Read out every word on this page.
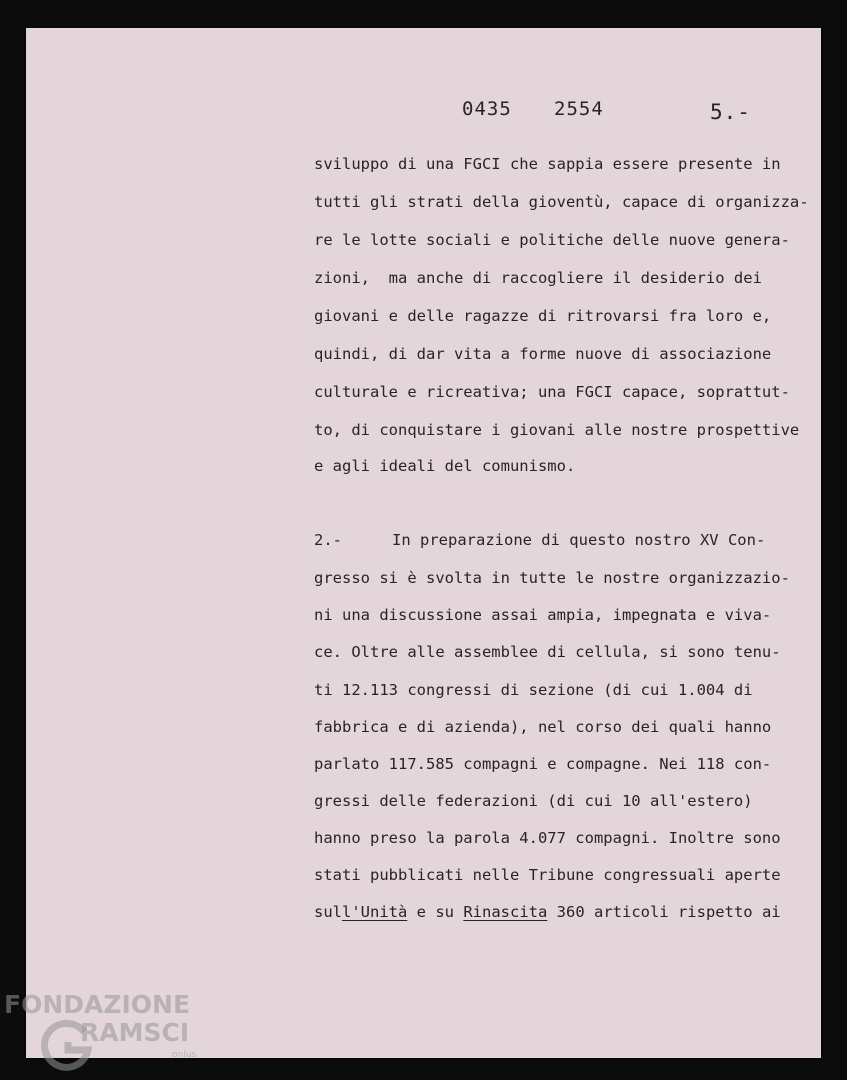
0435 2554	5.-
sviluppo di una FGCI che sappia essere presente in
tutti gli strati della gioventù, capace di organizza-
re le lotte sociali e politiche delle nuove genera-
zioni,  ma anche di raccogliere il desiderio dei
giovani e delle ragazze di ritrovarsi fra loro e,
quindi, di dar vita a forme nuove di associazione
culturale e ricreativa; una FGCI capace, soprattut-
to, di conquistare i giovani alle nostre prospettive
e agli ideali del comunismo.
2.-	In preparazione di questo nostro XV Con-
gresso si è svolta in tutte le nostre organizzazio-
ni una discussione assai ampia, impegnata e viva-
ce. Oltre alle assemblee di cellula, si sono tenu-
ti 12.113 congressi di sezione (di cui 1.004 di
fabbrica e di azienda), nel corso dei quali hanno
parlato 117.585 compagni e compagne. Nei 118 con-
gressi delle federazioni (di cui 10 all'estero)
hanno preso la parola 4.077 compagni. Inoltre sono
stati pubblicati nelle Tribune congressuali aperte
sull'Unità e su Rinascita 360 articoli rispetto ai
FONDAZIONE
RAMSCI
onlus
